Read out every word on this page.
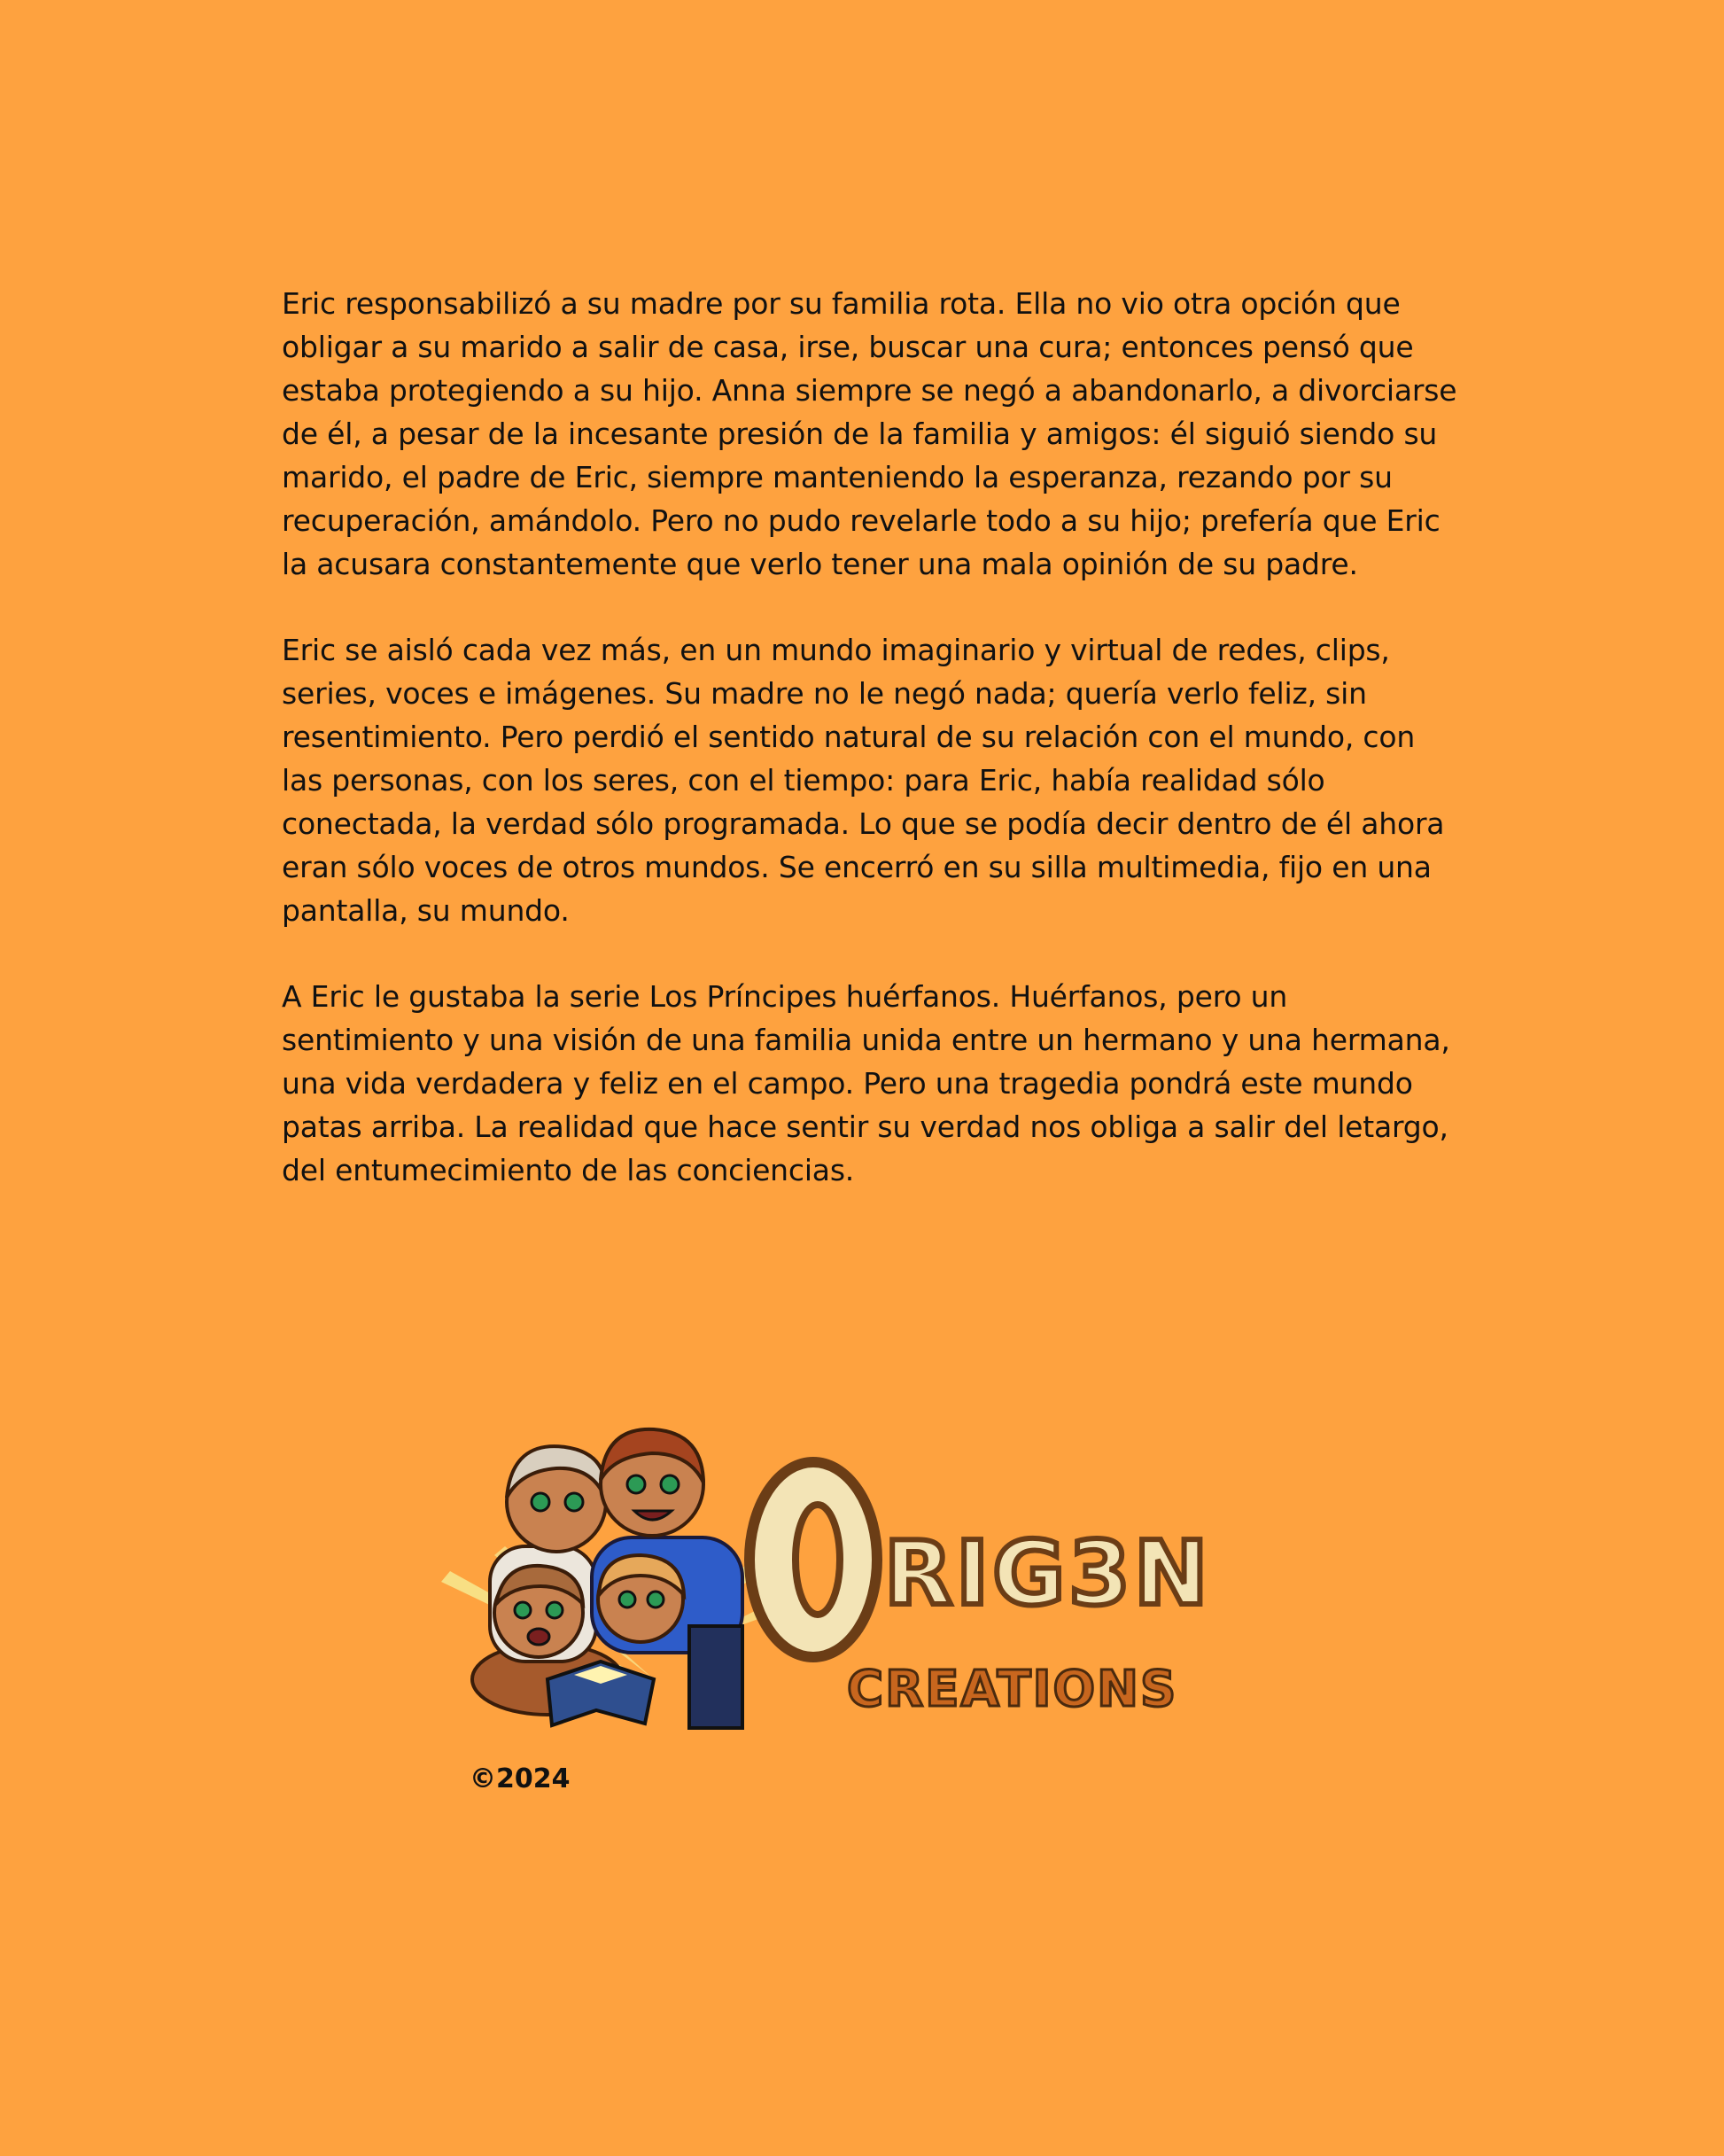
Eric responsabilizó a su madre por su familia rota. Ella no vio otra opción que obligar a su marido a salir de casa, irse, buscar una cura; entonces pensó que estaba protegiendo a su hijo. Anna siempre se negó a abandonarlo, a divorciarse de él, a pesar de la incesante presión de la familia y amigos: él siguió siendo su marido, el padre de Eric, siempre manteniendo la esperanza, rezando por su recuperación, amándolo. Pero no pudo revelarle todo a su hijo; prefería que Eric la acusara constantemente que verlo tener una mala opinión de su padre.

Eric se aisló cada vez más, en un mundo imaginario y virtual de redes, clips, series, voces e imágenes. Su madre no le negó nada; quería verlo feliz, sin resentimiento. Pero perdió el sentido natural de su relación con el mundo, con las personas, con los seres, con el tiempo: para Eric, había realidad sólo conectada, la verdad sólo programada. Lo que se podía decir dentro de él ahora eran sólo voces de otros mundos. Se encerró en su silla multimedia, fijo en una pantalla, su mundo.

A Eric le gustaba la serie Los Príncipes huérfanos. Huérfanos, pero un sentimiento y una visión de una familia unida entre un hermano y una hermana, una vida verdadera y feliz en el campo. Pero una tragedia pondrá este mundo patas arriba. La realidad que hace sentir su verdad nos obliga a salir del letargo, del entumecimiento de las conciencias.

RIG3N
CREATIONS
©2024
